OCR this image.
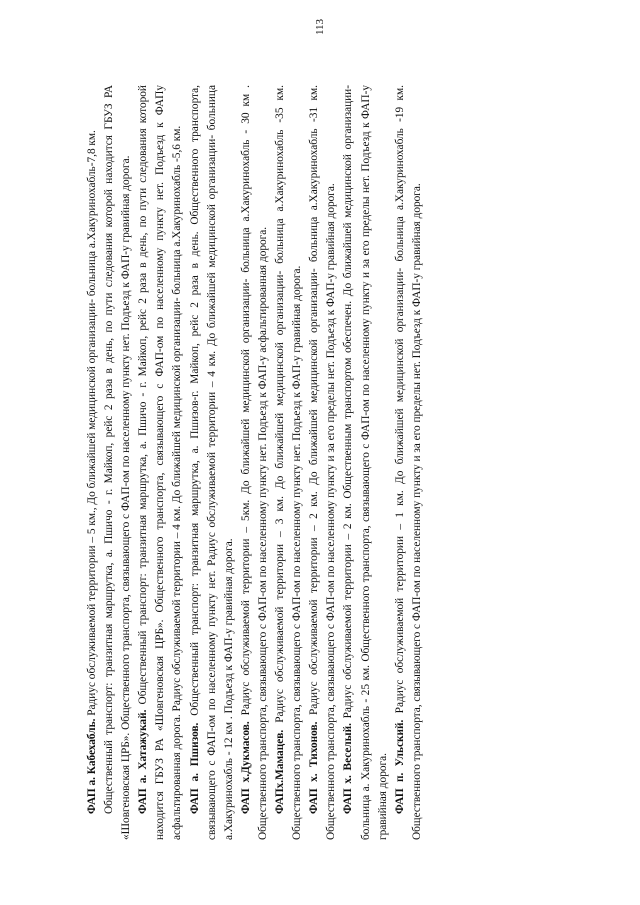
113

ФАП а. Кабехабль. Радиус обслуживаемой территории – 5 км., До ближайшей медицинской организации- больница а.Хакуринохабль-7,8 км. Общественный транспорт: транзитная маршрутка, а. Пшичо - г. Майкоп, рейс 2 раза в день, по пути следования которой находится ГБУЗ РА «Шовгеновская ЦРБ». Общественного транспорта, связывающего с ФАП-ом по населенному пункту нет. Подъезд к ФАП-у гравийная дорога. ФАП а. Хатажукай. Общественный транспорт: транзитная маршрутка, а. Пшичо - г. Майкоп, рейс 2 раза в день, по пути следования которой находится ГБУЗ РА «Шовгеновская ЦРБ». Общественного транспорта, связывающего с ФАП-ом по населенному пункту нет. Подъезд к ФАПу асфальтированная дорога. Радиус обслуживаемой территории – 4 км. До ближайшей медицинской организации- больница а.Хакуринохабль -5,6 км. ФАП а. Пшизов. Общественный транспорт: транзитная маршрутка, а. Пшизов-г. Майкоп, рейс 2 раза в день. Общественного транспорта, связывающего с ФАП-ом по населенному пункту нет. Радиус обслуживаемой территории – 4 км. До ближайшей медицинской организации- больница а.Хакуринохабль - 12 км . Подъезд к ФАП-у гравийная дорога. ФАП х.Дукмасов. Радиус обслуживаемой территории – 5км. До ближайшей медицинской организации- больница а.Хакуринохабль - 30 км . Общественного транспорта, связывающего с ФАП-ом по населенному пункту нет. Подъезд к ФАП-у асфальтированная дорога. ФАПх.Мамацев. Радиус обслуживаемой территории – 3 км. До ближайшей медицинской организации- больница а.Хакуринохабль -35 км. Общественного транспорта, связывающего с ФАП-ом по населенному пункту нет. Подъезд к ФАП-у гравийная дорога. ФАП х. Тихонов. Радиус обслуживаемой территории – 2 км. До ближайшей медицинской организации- больница а.Хакуринохабль -31 км. Общественного транспорта, связывающего с ФАП-ом по населенному пункту и за его пределы нет. Подъезд к ФАП-у гравийная дорога. ФАП х. Веселый. Радиус обслуживаемой территории – 2 км. Общественным транспортом обеспечен. До ближайшей медицинской организации- больница а. Хакуринохабль - 25 км. Общественного транспорта, связывающего с ФАП-ом по населенному пункту и за его пределы нет. Подъезд к ФАП-у гравийная дорога. ФАП п. Ульский. Радиус обслуживаемой территории – 1 км. До ближайшей медицинской организации- больница а.Хакуринохабль -19 км. Общественного транспорта, связывающего с ФАП-ом по населенному пункту и за его пределы нет. Подъезд к ФАП-у гравийная дорога.
